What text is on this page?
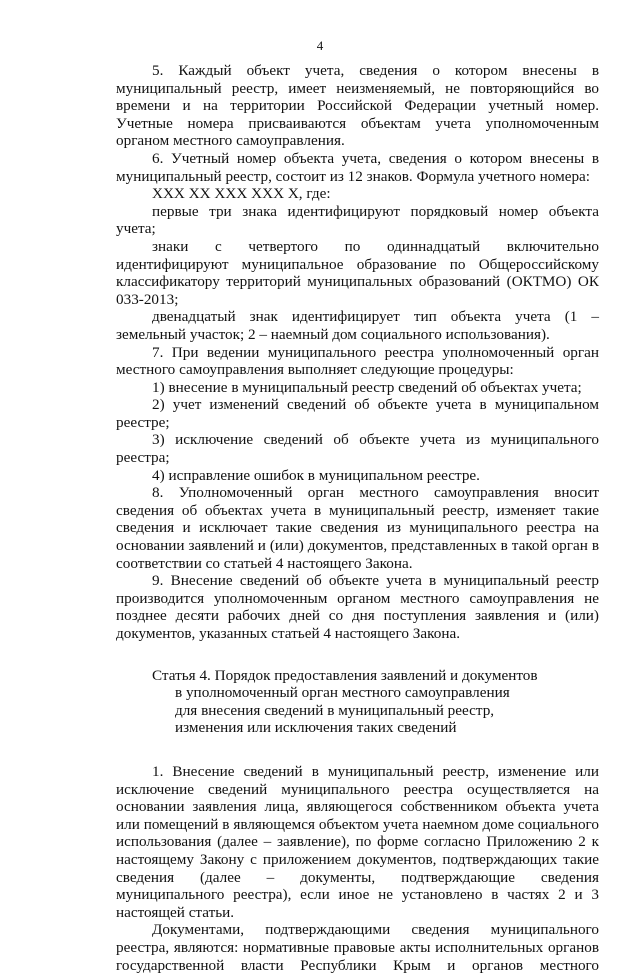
4

5. Каждый объект учета, сведения о котором внесены в муниципальный реестр, имеет неизменяемый, не повторяющийся во времени и на территории Российской Федерации учетный номер. Учетные номера присваиваются объектам учета уполномоченным органом местного самоуправления.

6. Учетный номер объекта учета, сведения о котором внесены в муниципальный реестр, состоит из 12 знаков. Формула учетного номера:

XXX XX XXX XXX X, где:

первые три знака идентифицируют порядковый номер объекта учета;

знаки с четвертого по одиннадцатый включительно идентифицируют муниципальное образование по Общероссийскому классификатору территорий муниципальных образований (ОКТМО) ОК 033-2013;

двенадцатый знак идентифицирует тип объекта учета (1 – земельный участок; 2 – наемный дом социального использования).

7. При ведении муниципального реестра уполномоченный орган местного самоуправления выполняет следующие процедуры:

1) внесение в муниципальный реестр сведений об объектах учета;

2) учет изменений сведений об объекте учета в муниципальном реестре;

3) исключение сведений об объекте учета из муниципального реестра;

4) исправление ошибок в муниципальном реестре.

8. Уполномоченный орган местного самоуправления вносит сведения об объектах учета в муниципальный реестр, изменяет такие сведения и исключает такие сведения из муниципального реестра на основании заявлений и (или) документов, представленных в такой орган в соответствии со статьей 4 настоящего Закона.

9. Внесение сведений об объекте учета в муниципальный реестр производится уполномоченным органом местного самоуправления не позднее десяти рабочих дней со дня поступления заявления и (или) документов, указанных статьей 4 настоящего Закона.

Статья 4. Порядок предоставления заявлений и документов
в уполномоченный орган местного самоуправления
для внесения сведений в муниципальный реестр,
изменения или исключения таких сведений

1. Внесение сведений в муниципальный реестр, изменение или исключение сведений муниципального реестра осуществляется на основании заявления лица, являющегося собственником объекта учета или помещений в являющемся объектом учета наемном доме социального использования (далее – заявление), по форме согласно Приложению 2 к настоящему Закону с приложением документов, подтверждающих такие сведения (далее – документы, подтверждающие сведения муниципального реестра), если иное не установлено в частях 2 и 3 настоящей статьи.

Документами, подтверждающими сведения муниципального реестра, являются: нормативные правовые акты исполнительных органов государственной власти Республики Крым и органов местного
